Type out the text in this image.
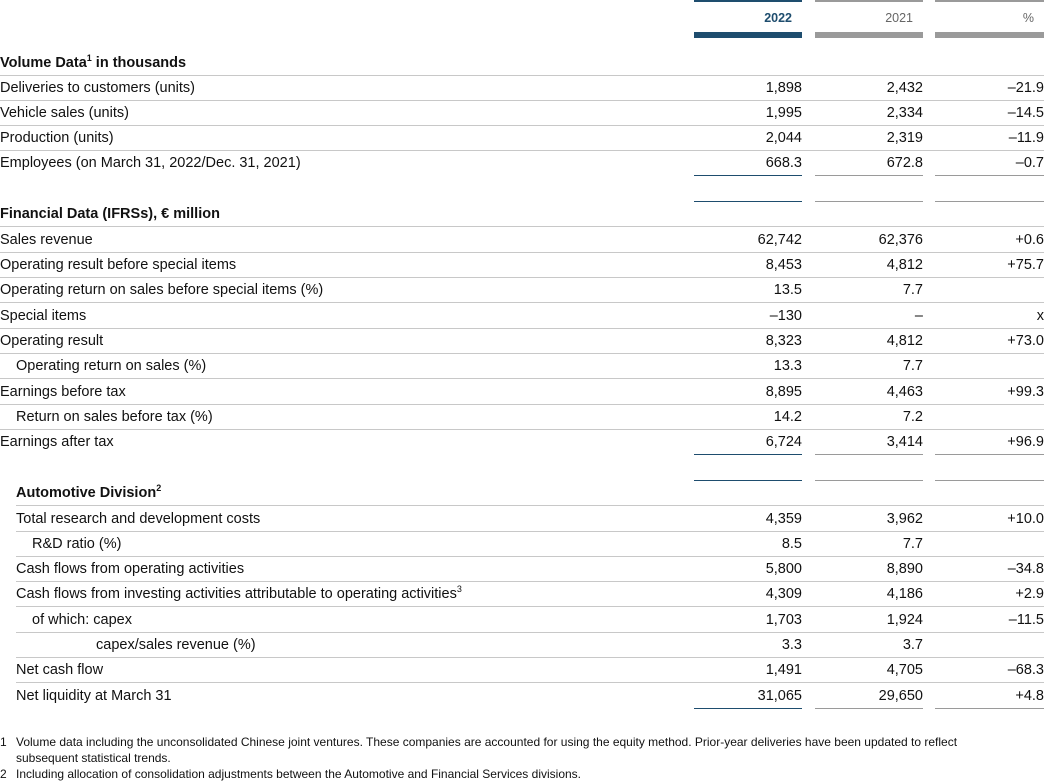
2022	2021	%
Volume Data$^1$ in thousands
Deliveries to customers (units)	1,898	2,432	–21.9
Vehicle sales (units)	1,995	2,334	–14.5
Production (units)	2,044	2,319	–11.9
Employees (on March 31, 2022/Dec. 31, 2021)	668.3	672.8	–0.7
Financial Data (IFRSs), € million
Sales revenue	62,742	62,376	+0.6
Operating result before special items	8,453	4,812	+75.7
Operating return on sales before special items (%)	13.5	7.7
Special items	–130	–	x
Operating result	8,323	4,812	+73.0
Operating return on sales (%)	13.3	7.7
Earnings before tax	8,895	4,463	+99.3
Return on sales before tax (%)	14.2	7.2
Earnings after tax	6,724	3,414	+96.9
Automotive Division$^2$
Total research and development costs	4,359	3,962	+10.0
R&D ratio (%)	8.5	7.7
Cash flows from operating activities	5,800	8,890	–34.8
Cash flows from investing activities attributable to operating activities$^3$	4,309	4,186	+2.9
of which: capex	1,703	1,924	–11.5
capex/sales revenue (%)	3.3	3.7
Net cash flow	1,491	4,705	–68.3
Net liquidity at March 31	31,065	29,650	+4.8
1 Volume data including the unconsolidated Chinese joint ventures. These companies are accounted for using the equity method. Prior-year deliveries have been updated to reflect subsequent statistical trends.
2 Including allocation of consolidation adjustments between the Automotive and Financial Services divisions.
